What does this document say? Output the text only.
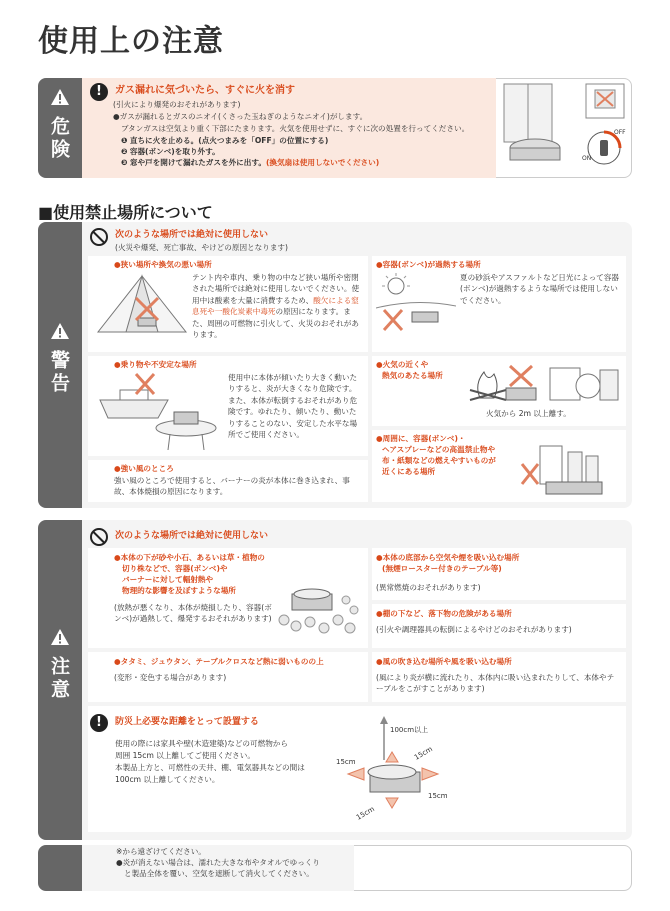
使用上の注意
危険
!	ガス漏れに気づいたら、すぐに火を消す
(引火により爆発のおそれがあります)
●ガスが漏れるとガスのニオイ(くさった玉ねぎのようなニオイ)がします。
ブタンガスは空気より重く下部にたまります。火気を使用せずに、すぐに次の処置を行ってください。
❶ 直ちに火を止める。(点火つまみを「OFF」の位置にする)
❷ 容器(ボンベ)を取り外す。
❸ 窓や戸を開けて漏れたガスを外に出す。(換気扇は使用しないでください)	ON
OFF
■使用禁止場所について
警告
次のような場所では絶対に使用しない
(火災や爆発、死亡事故、やけどの原因となります)
●狭い場所や換気の悪い場所
テント内や車内、乗り物の中など狭い場所や密閉された場所では絶対に使用しないでください。使用中は酸素を大量に消費するため、酸欠による窒息死や一酸化炭素中毒死の原因になります。また、周囲の可燃物に引火して、火災のおそれがあります。
●容器(ボンベ)が過熱する場所
夏の砂浜やアスファルトなど日光によって容器(ボンベ)が過熱するような場所では使用しないでください。
●乗り物や不安定な場所
使用中に本体が傾いたり大きく動いたりすると、炎が大きくなり危険です。また、本体が転倒するおそれがあり危険です。ゆれたり、傾いたり、動いたりすることのない、安定した水平な場所でご使用ください。
●火気の近くや
熱気のあたる場所
火気から 2m 以上離す。
●周囲に、容器(ボンベ)・
ヘアスプレーなどの高温禁止物や
布・紙類などの燃えやすいものが
近くにある場所
●強い風のところ
強い風のところで使用すると、バーナーの炎が本体に巻き込まれ、事故、本体焼損の原因になります。
注意
次のような場所では絶対に使用しない
●本体の下が砂や小石、あるいは草・植物の
切り株などで、容器(ボンベ)や
バーナーに対して輻射熱や
物理的な影響を及ぼすような場所
(放熱が悪くなり、本体が焼損したり、容器(ボンベ)が過熱して、爆発するおそれがあります)
●本体の底部から空気や煙を吸い込む場所
(無煙ロースター付きのテーブル等)
(異常燃焼のおそれがあります)
●棚の下など、落下物の危険がある場所
(引火や調理器具の転倒によるやけどのおそれがあります)
●タタミ、ジュウタン、テーブルクロスなど熱に弱いものの上
(変形・変色する場合があります)
●風の吹き込む場所や風を吸い込む場所
(風により炎が横に流れたり、本体内に吸い込まれたりして、本体やテーブルをこがすことがあります)
!	防災上必要な距離をとって設置する
使用の際には家具や壁(木造建築)などの可燃物から
周囲 15cm 以上離してご使用ください。
本製品上方と、可燃性の天井、棚、電気器具などの間は
100cm 以上離してください。
100cm以上
15cm
15cm
15cm
15cm
※から遠ざけてください。
●炎が消えない場合は、濡れた大きな布やタオルでゆっくり
と製品全体を覆い、空気を遮断して消火してください。
